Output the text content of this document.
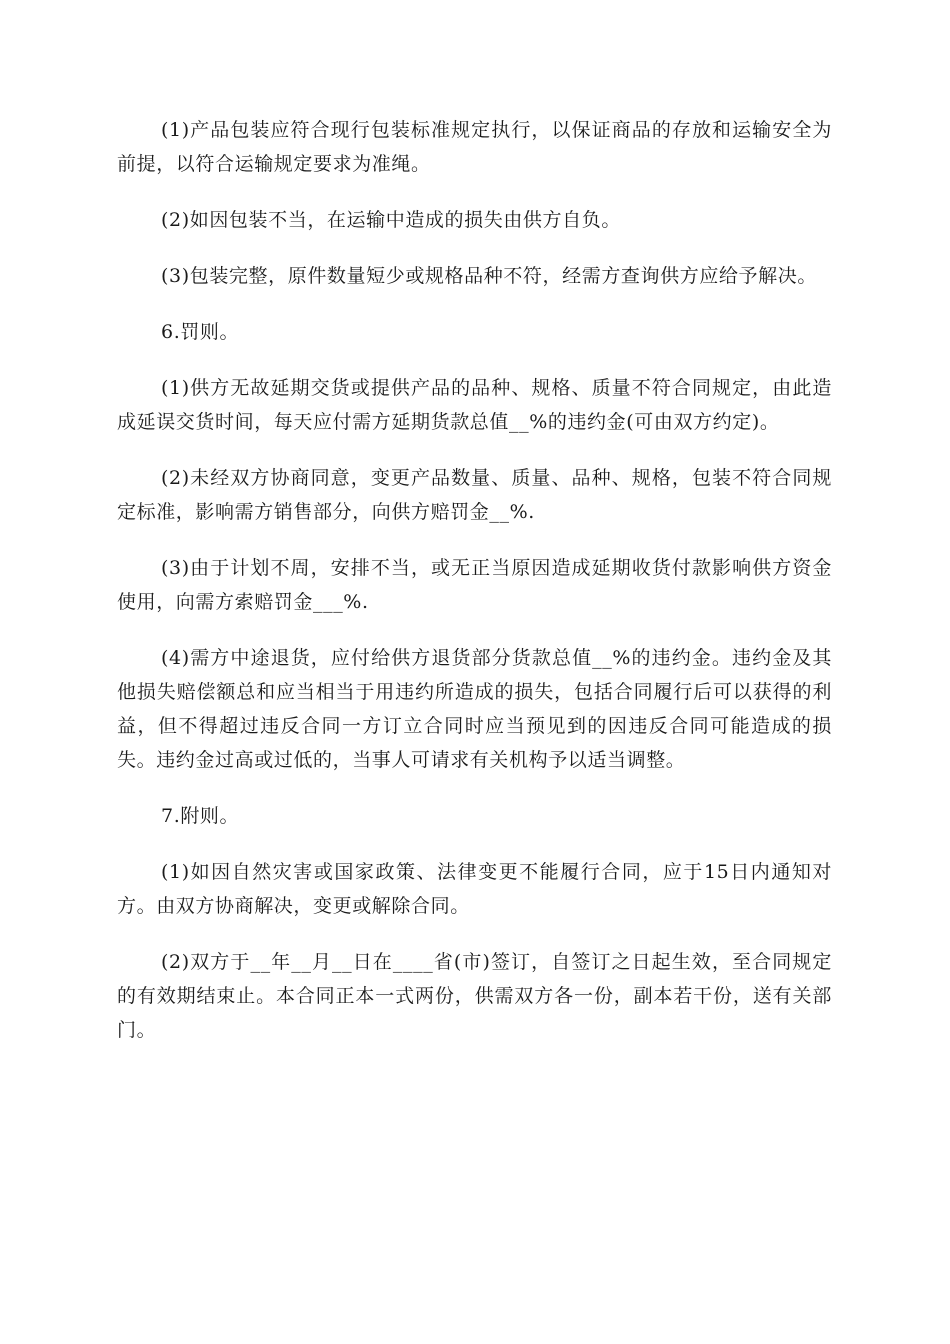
(1)产品包装应符合现行包装标准规定执行，以保证商品的存放和运输安全为前提，以符合运输规定要求为准绳。

(2)如因包装不当，在运输中造成的损失由供方自负。

(3)包装完整，原件数量短少或规格品种不符，经需方查询供方应给予解决。

6.罚则。

(1)供方无故延期交货或提供产品的品种、规格、质量不符合同规定，由此造成延误交货时间，每天应付需方延期货款总值__%的违约金(可由双方约定)。

(2)未经双方协商同意，变更产品数量、质量、品种、规格，包装不符合同规定标准，影响需方销售部分，向供方赔罚金__%.

(3)由于计划不周，安排不当，或无正当原因造成延期收货付款影响供方资金使用，向需方索赔罚金___%.

(4)需方中途退货，应付给供方退货部分货款总值__%的违约金。违约金及其他损失赔偿额总和应当相当于用违约所造成的损失，包括合同履行后可以获得的利益，但不得超过违反合同一方订立合同时应当预见到的因违反合同可能造成的损失。违约金过高或过低的，当事人可请求有关机构予以适当调整。

7.附则。

(1)如因自然灾害或国家政策、法律变更不能履行合同，应于15日内通知对方。由双方协商解决，变更或解除合同。

(2)双方于__年__月__日在____省(市)签订，自签订之日起生效，至合同规定的有效期结束止。本合同正本一式两份，供需双方各一份，副本若干份，送有关部门。
